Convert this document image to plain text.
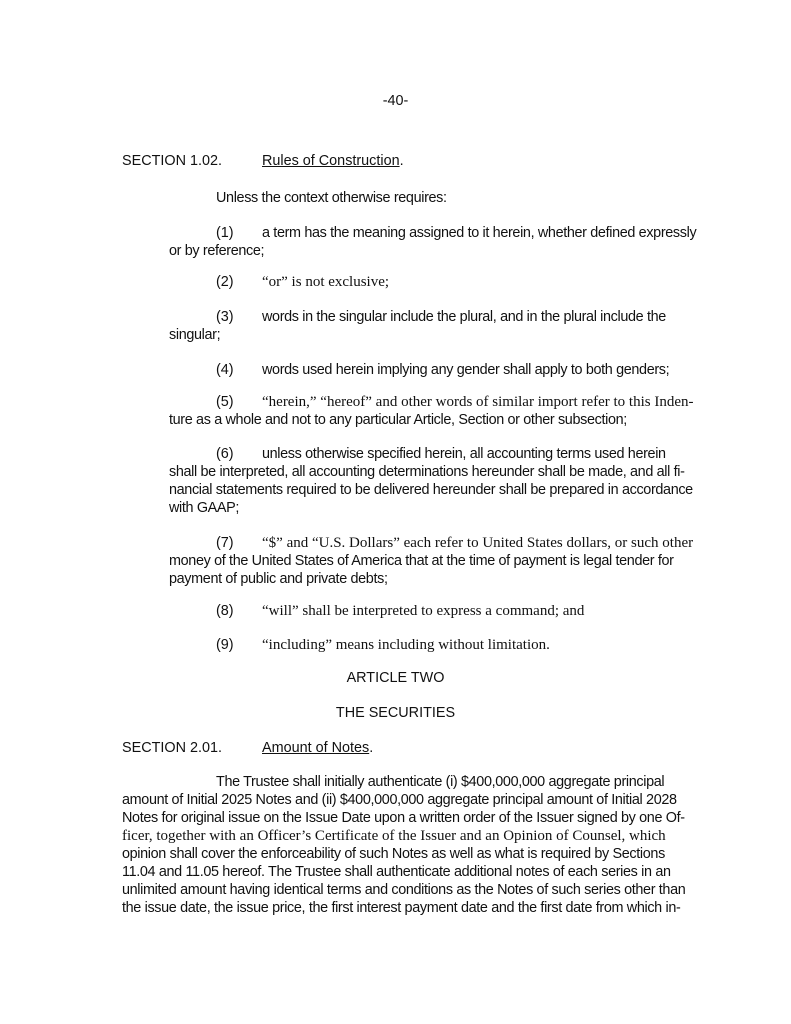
-40-
SECTION 1.02.	Rules of Construction.
Unless the context otherwise requires:
(1) a term has the meaning assigned to it herein, whether defined expressly
or by reference;
(2) “or” is not exclusive;
(3) words in the singular include the plural, and in the plural include the
singular;
(4) words used herein implying any gender shall apply to both genders;
(5) “herein,” “hereof” and other words of similar import refer to this Inden-
ture as a whole and not to any particular Article, Section or other subsection;
(6) unless otherwise specified herein, all accounting terms used herein
shall be interpreted, all accounting determinations hereunder shall be made, and all fi-
nancial statements required to be delivered hereunder shall be prepared in accordance
with GAAP;
(7) “$” and “U.S. Dollars” each refer to United States dollars, or such other
money of the United States of America that at the time of payment is legal tender for
payment of public and private debts;
(8) “will” shall be interpreted to express a command; and
(9) “including” means including without limitation.
ARTICLE TWO
THE SECURITIES
SECTION 2.01.	Amount of Notes.
The Trustee shall initially authenticate (i) $400,000,000 aggregate principal
amount of Initial 2025 Notes and (ii) $400,000,000 aggregate principal amount of Initial 2028
Notes for original issue on the Issue Date upon a written order of the Issuer signed by one Of-
ficer, together with an Officer’s Certificate of the Issuer and an Opinion of Counsel, which
opinion shall cover the enforceability of such Notes as well as what is required by Sections
11.04 and 11.05 hereof. The Trustee shall authenticate additional notes of each series in an
unlimited amount having identical terms and conditions as the Notes of such series other than
the issue date, the issue price, the first interest payment date and the first date from which in-
